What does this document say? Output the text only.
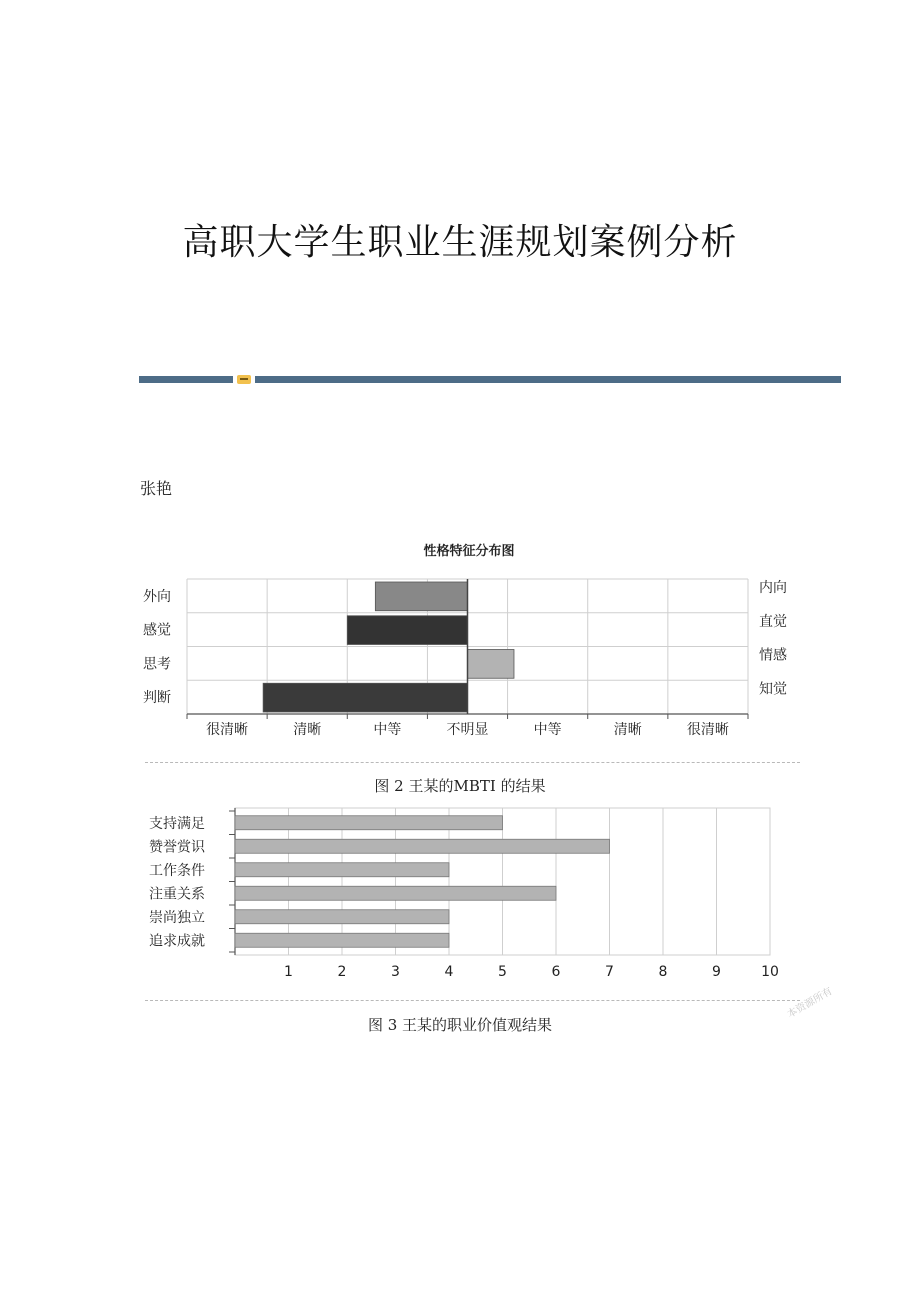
高职大学生职业生涯规划案例分析
张艳
性格特征分布图
很清晰	清晰	中等	不明显	中等	清晰	很清晰
外向
感觉
思考
判断
内向
直觉
情感
知觉
图 2 王某的MBTI 的结果
1	2	3	4	5	6	7	8	9	10
支持满足
赞誉赏识
工作条件
注重关系
崇尚独立
追求成就
图 3 王某的职业价值观结果
本资源所有
